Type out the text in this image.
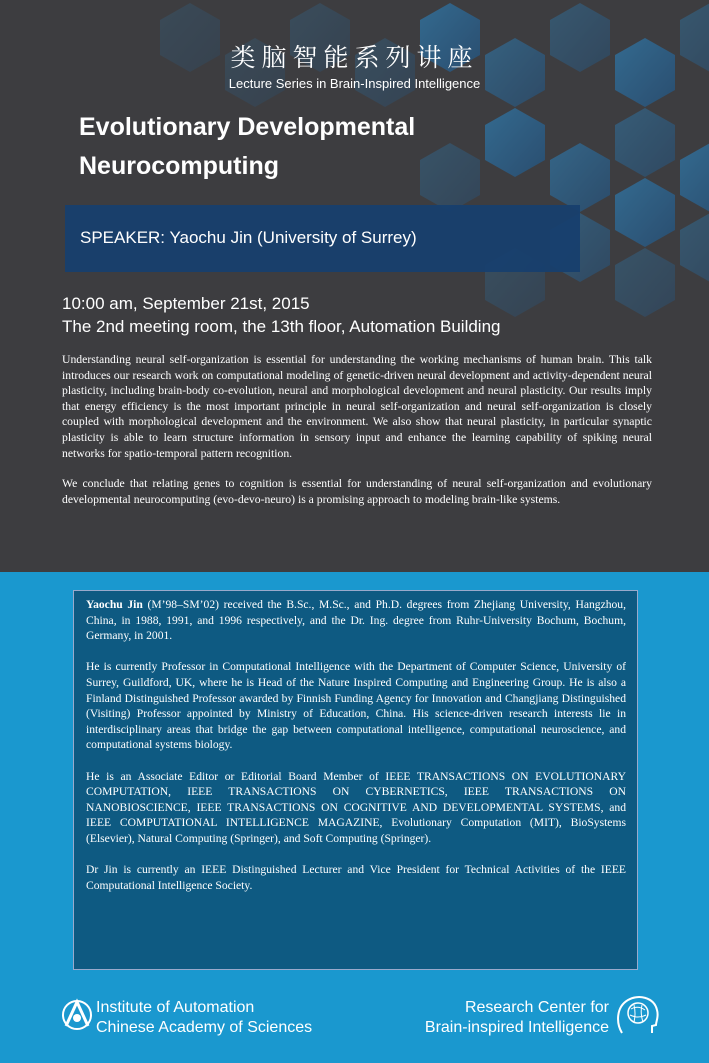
类脑智能系列讲座
Lecture Series in Brain-Inspired Intelligence
Evolutionary Developmental
Neurocomputing
SPEAKER: Yaochu Jin (University of Surrey)
10:00 am, September 21st, 2015
The 2nd meeting room, the 13th floor, Automation Building

Understanding neural self-organization is essential for understanding the working mechanisms of human brain. This talk introduces our research work on computational modeling of genetic-driven neural development and activity-dependent neural plasticity, including brain-body co-evolution, neural and morphological development and neural plasticity. Our results imply that energy efficiency is the most important principle in neural self-organization and neural self-organization is closely coupled with morphological development and the environment. We also show that neural plasticity, in particular synaptic plasticity is able to learn structure information in sensory input and enhance the learning capability of spiking neural networks for spatio-temporal pattern recognition.

We conclude that relating genes to cognition is essential for understanding of neural self-organization and evolutionary developmental neurocomputing (evo-devo-neuro) is a promising approach to modeling brain-like systems.

Yaochu Jin (M’98–SM’02) received the B.Sc., M.Sc., and Ph.D. degrees from Zhejiang University, Hangzhou, China, in 1988, 1991, and 1996 respectively, and the Dr. Ing. degree from Ruhr-University Bochum, Bochum, Germany, in 2001.

He is currently Professor in Computational Intelligence with the Department of Computer Science, University of Surrey, Guildford, UK, where he is Head of the Nature Inspired Computing and Engineering Group. He is also a Finland Distinguished Professor awarded by Finnish Funding Agency for Innovation and Changjiang Distinguished (Visiting) Professor appointed by Ministry of Education, China. His science-driven research interests lie in interdisciplinary areas that bridge the gap between computational intelligence, computational neuroscience, and computational systems biology.

He is an Associate Editor or Editorial Board Member of IEEE TRANSACTIONS ON EVOLUTIONARY COMPUTATION, IEEE TRANSACTIONS ON CYBERNETICS, IEEE TRANSACTIONS ON NANOBIOSCIENCE, IEEE TRANSACTIONS ON COGNITIVE AND DEVELOPMENTAL SYSTEMS, and IEEE COMPUTATIONAL INTELLIGENCE MAGAZINE, Evolutionary Computation (MIT), BioSystems (Elsevier), Natural Computing (Springer), and Soft Computing (Springer).

Dr Jin is currently an IEEE Distinguished Lecturer and Vice President for Technical Activities of the IEEE Computational Intelligence Society.

Institute of Automation
Chinese Academy of Sciences
Research Center for
Brain-inspired Intelligence
